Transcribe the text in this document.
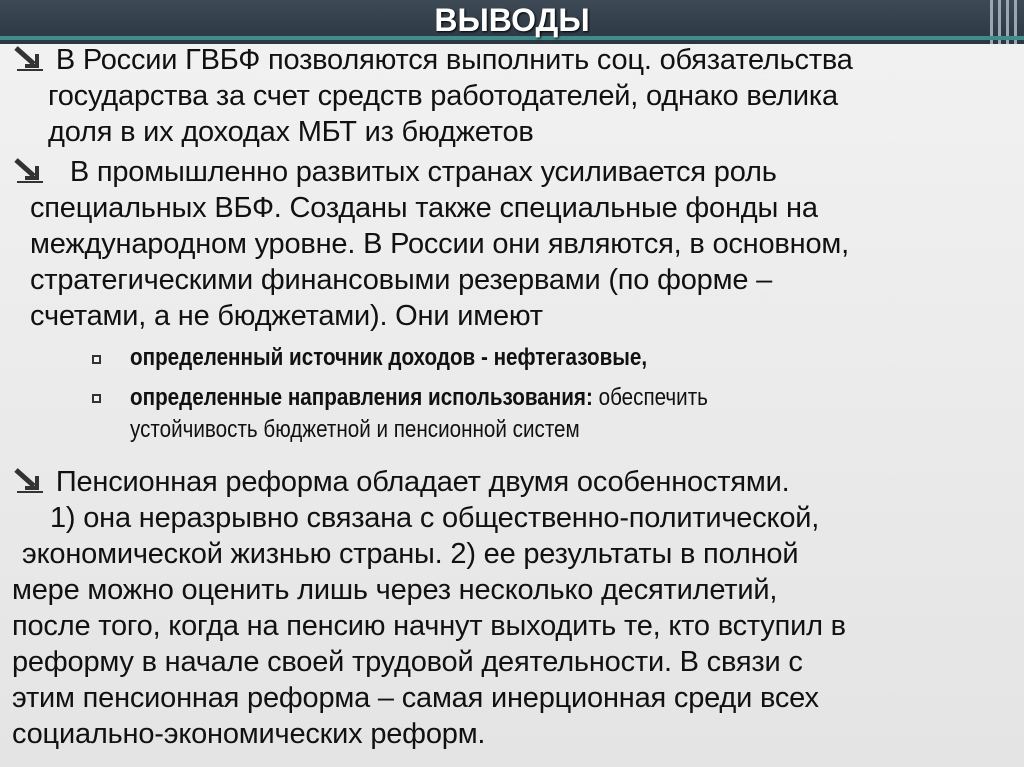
ВЫВОДЫ
В России ГВБФ позволяются выполнить соц. обязательства
государства за счет средств работодателей, однако велика
доля в их доходах МБТ из бюджетов
В промышленно развитых странах усиливается роль
специальных ВБФ. Созданы также специальные фонды на
международном уровне. В России они являются, в основном,
стратегическими финансовыми резервами (по форме –
счетами, а не бюджетами). Они имеют
определенный источник доходов - нефтегазовые,
определенные направления использования: обеспечить
устойчивость бюджетной и пенсионной систем
Пенсионная реформа обладает двумя особенностями.
1) она неразрывно связана с общественно-политической,
экономической жизнью страны. 2) ее результаты в полной
мере можно оценить лишь через несколько десятилетий,
после того, когда на пенсию начнут выходить те, кто вступил в
реформу в начале своей трудовой деятельности. В связи с
этим пенсионная реформа – самая инерционная среди всех
социально-экономических реформ.
